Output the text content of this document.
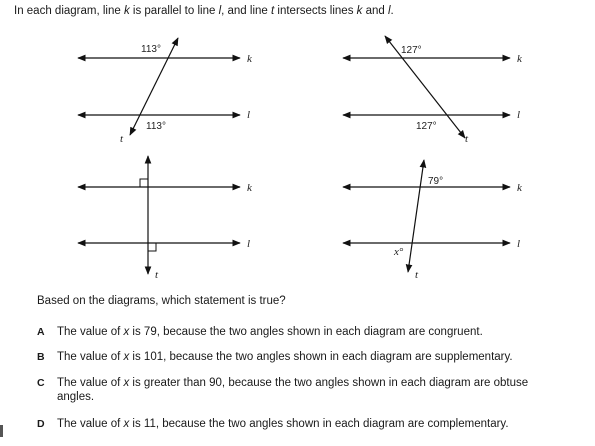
In each diagram, line k is parallel to line l, and line t intersects lines k and l.
113°
113°
k
l
t
127°
127°
k
l
t
k
l
t
79°
x°
k
l
t
Based on the diagrams, which statement is true?
A The value of x is 79, because the two angles shown in each diagram are congruent.
B The value of x is 101, because the two angles shown in each diagram are supplementary.
C The value of x is greater than 90, because the two angles shown in each diagram are obtuse angles.
D The value of x is 11, because the two angles shown in each diagram are complementary.
